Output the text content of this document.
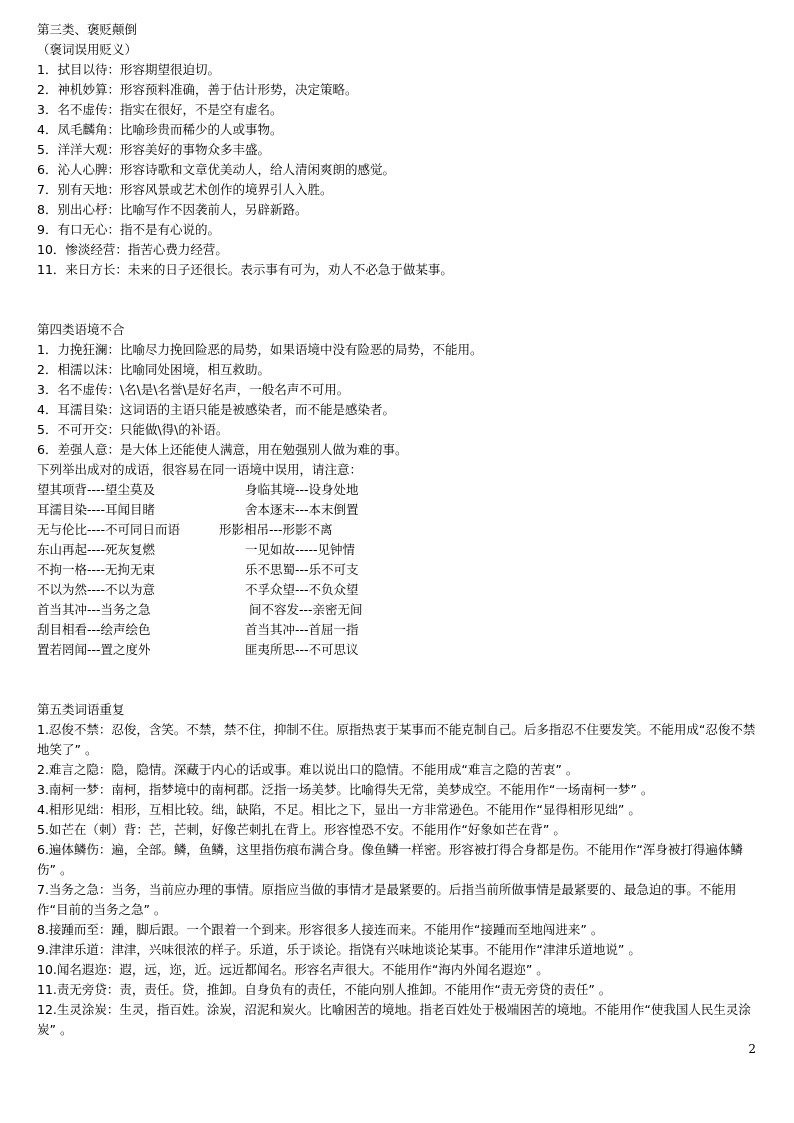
第三类、褒贬颠倒
（褒词误用贬义）
1．拭目以待：形容期望很迫切。
2．神机妙算：形容预料准确，善于估计形势，决定策略。
3．名不虚传：指实在很好，不是空有虚名。
4．凤毛麟角：比喻珍贵而稀少的人或事物。
5．洋洋大观：形容美好的事物众多丰盛。
6．沁人心脾：形容诗歌和文章优美动人，给人清闲爽朗的感觉。
7．别有天地：形容风景或艺术创作的境界引人入胜。
8．别出心杼：比喻写作不因袭前人，另辟新路。
9．有口无心：指不是有心说的。
10．惨淡经营：指苦心费力经营。
11．来日方长：未来的日子还很长。表示事有可为，劝人不必急于做某事。
第四类语境不合
1．力挽狂澜：比喻尽力挽回险恶的局势，如果语境中没有险恶的局势，不能用。
2．相濡以沫：比喻同处困境，相互救助。
3．名不虚传：\名\是\名誉\是好名声，一般名声不可用。
4．耳濡目染：这词语的主语只能是被感染者，而不能是感染者。
5．不可开交：只能做\得\的补语。
6．差强人意：是大体上还能使人满意，用在勉强别人做为难的事。
下列举出成对的成语，很容易在同一语境中误用，请注意：
望其项背----望尘莫及	身临其境---设身处地
耳濡目染----耳闻目睹	舍本逐末---本末倒置
无与伦比----不可同日而语	形影相吊---形影不离
东山再起----死灰复燃	一见如故-----见钟情
不拘一格----无拘无束	乐不思蜀---乐不可支
不以为然----不以为意	不孚众望---不负众望
首当其冲---当务之急	间不容发---亲密无间
刮目相看---绘声绘色	首当其冲---首屈一指
置若罔闻---置之度外	匪夷所思---不可思议
第五类词语重复
1.忍俊不禁：忍俊，含笑。不禁，禁不住，抑制不住。原指热衷于某事而不能克制自己。后多指忍不住要发笑。不能用成“忍俊不禁地笑了” 。
2.难言之隐：隐，隐情。深藏于内心的话或事。难以说出口的隐情。不能用成“难言之隐的苦衷” 。
3.南柯一梦：南柯，指梦境中的南柯郡。泛指一场美梦。比喻得失无常，美梦成空。不能用作“一场南柯一梦” 。
4.相形见绌：相形，互相比较。绌，缺陷，不足。相比之下，显出一方非常逊色。不能用作“显得相形见绌” 。
5.如芒在（刺）背：芒，芒刺，好像芒刺扎在背上。形容惶恐不安。不能用作“好象如芒在背” 。
6.遍体鳞伤：遍，全部。鳞，鱼鳞，这里指伤痕布满合身。像鱼鳞一样密。形容被打得合身都是伤。不能用作“浑身被打得遍体鳞伤” 。
7.当务之急：当务，当前应办理的事情。原指应当做的事情才是最紧要的。后指当前所做事情是最紧要的、最急迫的事。不能用作“目前的当务之急” 。
8.接踵而至：踵，脚后跟。一个跟着一个到来。形容很多人接连而来。不能用作“接踵而至地闯进来” 。
9.津津乐道：津津，兴味很浓的样子。乐道，乐于谈论。指饶有兴味地谈论某事。不能用作“津津乐道地说” 。
10.闻名遐迩：遐，远，迩，近。远近都闻名。形容名声很大。不能用作“海内外闻名遐迩” 。
11.责无旁贷：责，责任。贷，推卸。自身负有的责任，不能向别人推卸。不能用作“责无旁贷的责任” 。
12.生灵涂炭：生灵，指百姓。涂炭，沼泥和炭火。比喻困苦的境地。指老百姓处于极端困苦的境地。不能用作“使我国人民生灵涂炭” 。
2
